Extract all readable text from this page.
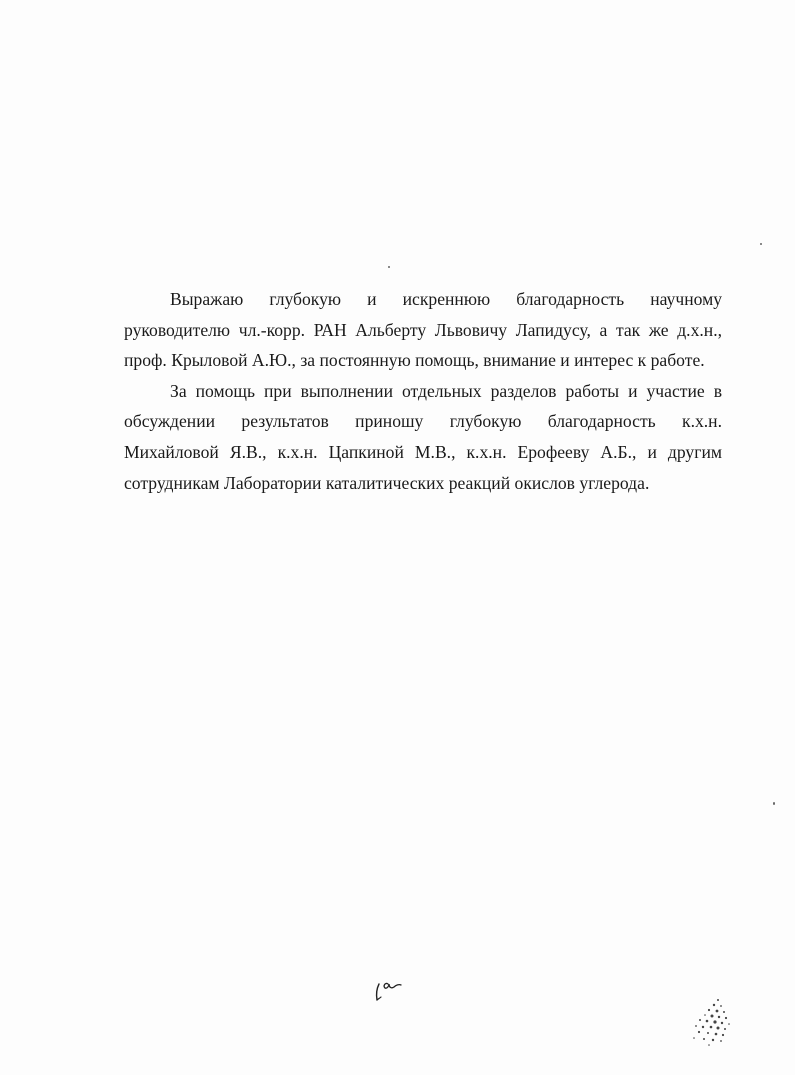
Выражаю глубокую и искреннюю благодарность научному
руководителю чл.-корр. РАН Альберту Львовичу Лапидусу, а так же д.х.н.,
проф. Крыловой А.Ю., за постоянную помощь, внимание и интерес к работе.

За помощь при выполнении отдельных разделов работы и участие в
обсуждении результатов приношу глубокую благодарность к.х.н.
Михайловой Я.В., к.х.н. Цапкиной М.В., к.х.н. Ерофееву А.Б., и другим
сотрудникам Лаборатории каталитических реакций окислов углерода.
